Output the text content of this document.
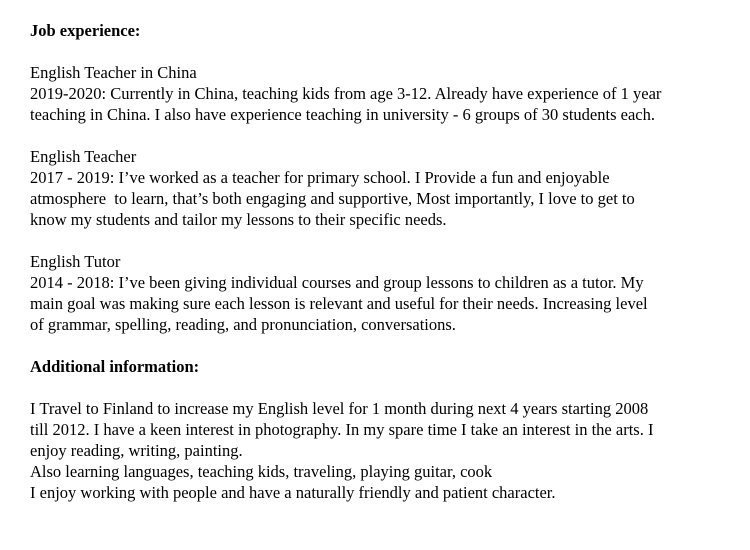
Job experience:
English Teacher in China
2019-2020: Currently in China, teaching kids from age 3-12. Already have experience of 1 year
teaching in China. I also have experience teaching in university - 6 groups of 30 students each.
English Teacher
2017 - 2019: I’ve worked as a teacher for primary school. I Provide a fun and enjoyable
atmosphere  to learn, that’s both engaging and supportive, Most importantly, I love to get to
know my students and tailor my lessons to their specific needs.
English Tutor
2014 - 2018: I’ve been giving individual courses and group lessons to children as a tutor. My
main goal was making sure each lesson is relevant and useful for their needs. Increasing level
of grammar, spelling, reading, and pronunciation, conversations.
Additional information:
I Travel to Finland to increase my English level for 1 month during next 4 years starting 2008
till 2012. I have a keen interest in photography. In my spare time I take an interest in the arts. I
enjoy reading, writing, painting.
Also learning languages, teaching kids, traveling, playing guitar, cook
I enjoy working with people and have a naturally friendly and patient character.
